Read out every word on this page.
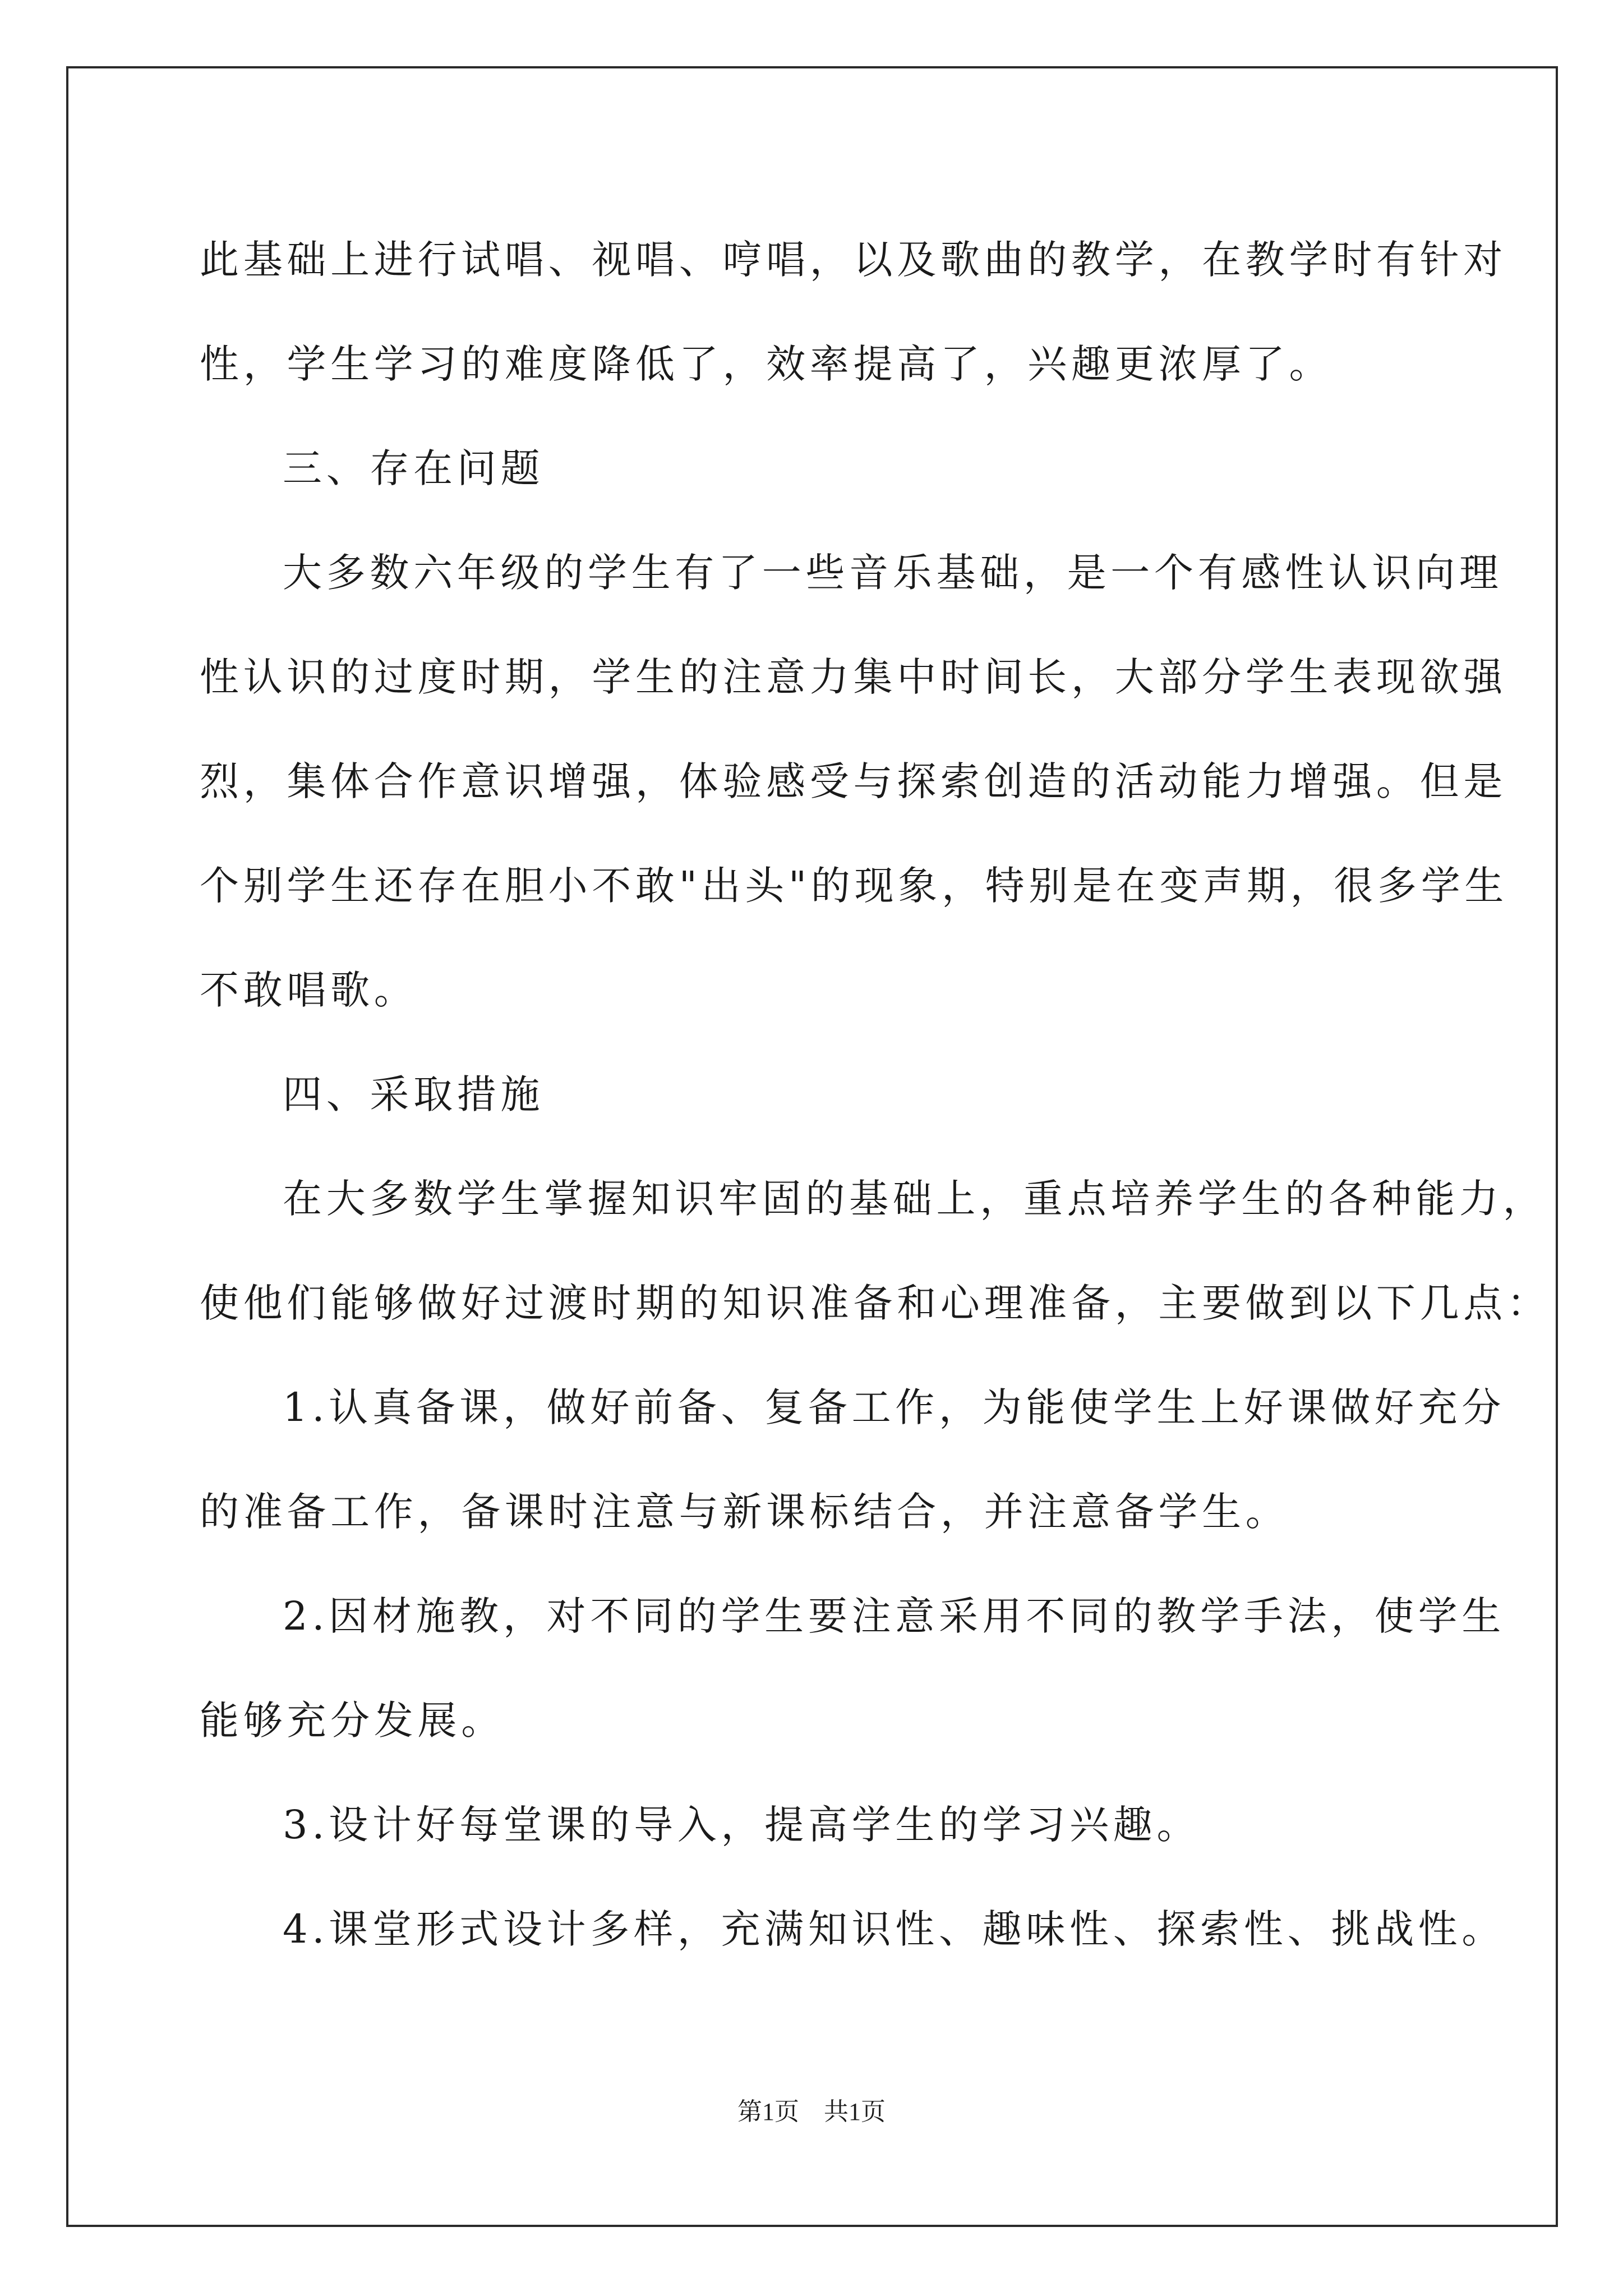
此基础上进行试唱、视唱、哼唱，以及歌曲的教学，在教学时有针对
性，学生学习的难度降低了，效率提高了，兴趣更浓厚了。
三、存在问题
大多数六年级的学生有了一些音乐基础，是一个有感性认识向理
性认识的过度时期，学生的注意力集中时间长，大部分学生表现欲强
烈，集体合作意识增强，体验感受与探索创造的活动能力增强。但是
个别学生还存在胆小不敢"出头"的现象，特别是在变声期，很多学生
不敢唱歌。
四、采取措施
在大多数学生掌握知识牢固的基础上，重点培养学生的各种能力，
使他们能够做好过渡时期的知识准备和心理准备，主要做到以下几点：
1.认真备课，做好前备、复备工作，为能使学生上好课做好充分
的准备工作，备课时注意与新课标结合，并注意备学生。
2.因材施教，对不同的学生要注意采用不同的教学手法，使学生
能够充分发展。
3.设计好每堂课的导入，提高学生的学习兴趣。
4.课堂形式设计多样，充满知识性、趣味性、探索性、挑战性。
第1页　共1页
